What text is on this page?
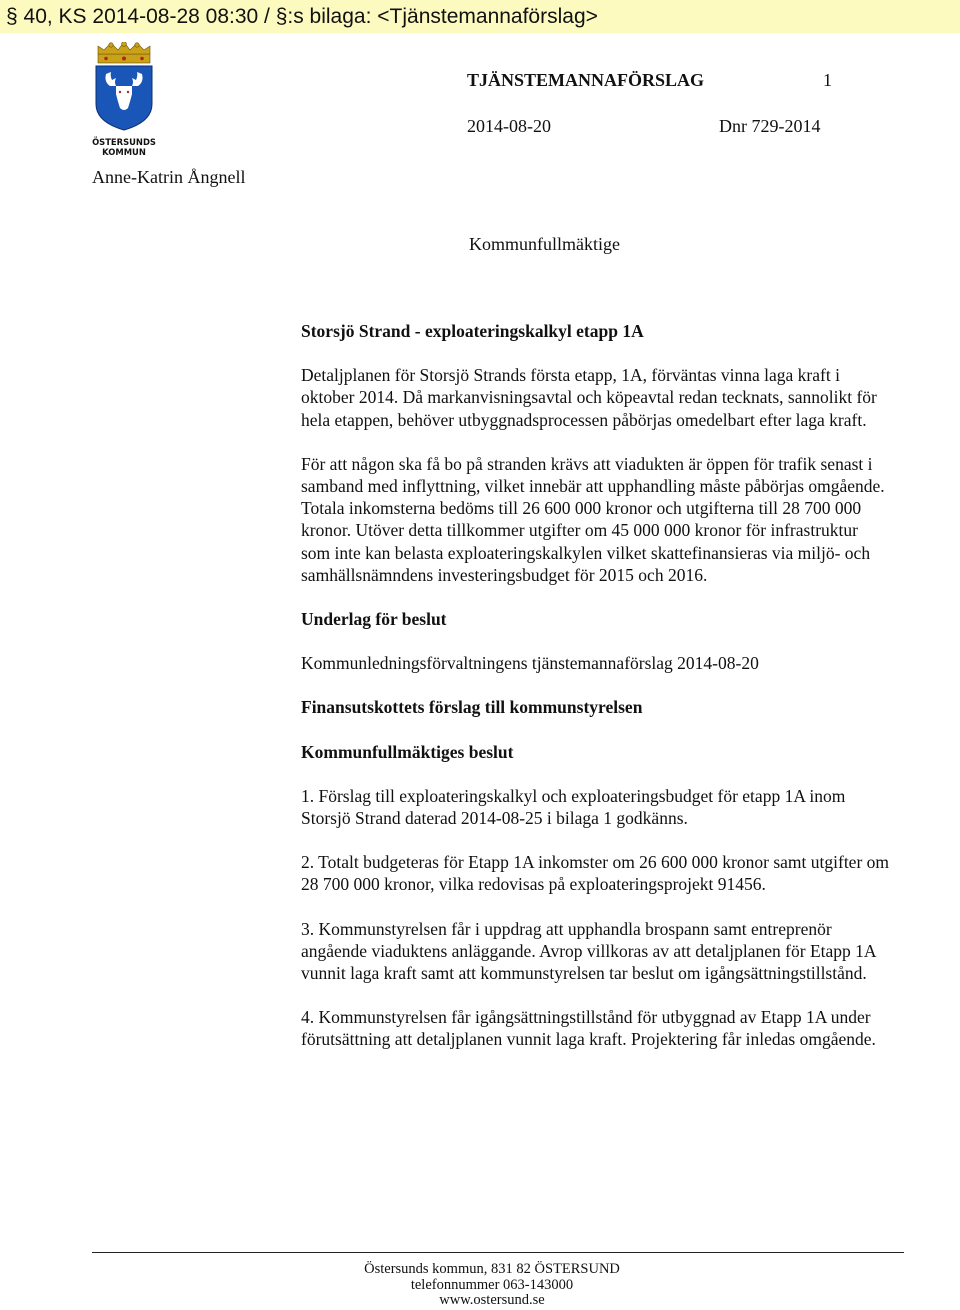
§ 40, KS 2014-08-28 08:30 / §:s bilaga: <Tjänstemannaförslag>
ÖSTERSUNDS
KOMMUN
TJÄNSTEMANNAFÖRSLAG	1
2014-08-20	Dnr 729-2014
Anne-Katrin Ångnell
Kommunfullmäktige
Storsjö Strand - exploateringskalkyl etapp 1A

Detaljplanen för Storsjö Strands första etapp, 1A, förväntas vinna laga kraft i oktober 2014. Då markanvisningsavtal och köpeavtal redan tecknats, sannolikt för hela etappen, behöver utbyggnadsprocessen påbörjas omedelbart efter laga kraft.

För att någon ska få bo på stranden krävs att viadukten är öppen för trafik senast i samband med inflyttning, vilket innebär att upphandling måste påbörjas omgående. Totala inkomsterna bedöms till 26 600 000 kronor och utgifterna till 28 700 000 kronor. Utöver detta tillkommer utgifter om 45 000 000 kronor för infrastruktur som inte kan belasta exploateringskalkylen vilket skattefinansieras via miljö- och samhällsnämndens investeringsbudget för 2015 och 2016.

Underlag för beslut

Kommunledningsförvaltningens tjänstemannaförslag 2014-08-20

Finansutskottets förslag till kommunstyrelsen
Kommunfullmäktiges beslut

1. Förslag till exploateringskalkyl och exploateringsbudget för etapp 1A inom Storsjö Strand daterad 2014-08-25 i bilaga 1 godkänns.

2. Totalt budgeteras för Etapp 1A inkomster om 26 600 000 kronor samt utgifter om 28 700 000 kronor, vilka redovisas på exploateringsprojekt 91456.

3. Kommunstyrelsen får i uppdrag att upphandla brospann samt entreprenör angående viaduktens anläggande. Avrop villkoras av att detaljplanen för Etapp 1A vunnit laga kraft samt att kommunstyrelsen tar beslut om igångsättningstillstånd.

4. Kommunstyrelsen får igångsättningstillstånd för utbyggnad av Etapp 1A under förutsättning att detaljplanen vunnit laga kraft. Projektering får inledas omgående.

Östersunds kommun, 831 82 ÖSTERSUND
telefonnummer 063-143000
www.ostersund.se
